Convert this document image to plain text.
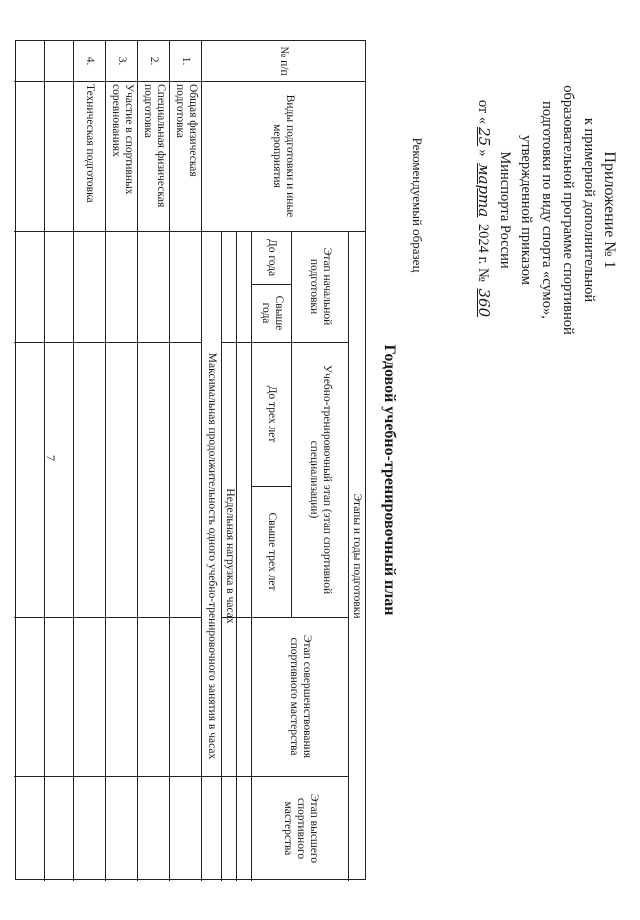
7
Приложение № 1
к примерной дополнительной
образовательной программе спортивной
подготовки по виду спорта «сумо»,
утвержденной приказом
Минспорта России
от «25» марта 2024 г. № 360
Рекомендуемый образец
Годовой учебно-тренировочный план
№ п/п
Виды подготовки и иные мероприятия
Этапы и годы подготовки
Этап начальной подготовки
Учебно-тренировочный этап (этап спортивной специализации)
Этап совершенствования спортивного мастерства
Этап высшего спортивного мастерства
До года
Свыше года
До трех лет
Свыше трех лет
Недельная нагрузка в часах
Максимальная продолжительность одного учебно-тренировочного занятия в часах
1.
Общая физическая подготовка
2.
Специальная физическая подготовка
3.
Участие в спортивных соревнованиях
4.
Техническая подготовка
